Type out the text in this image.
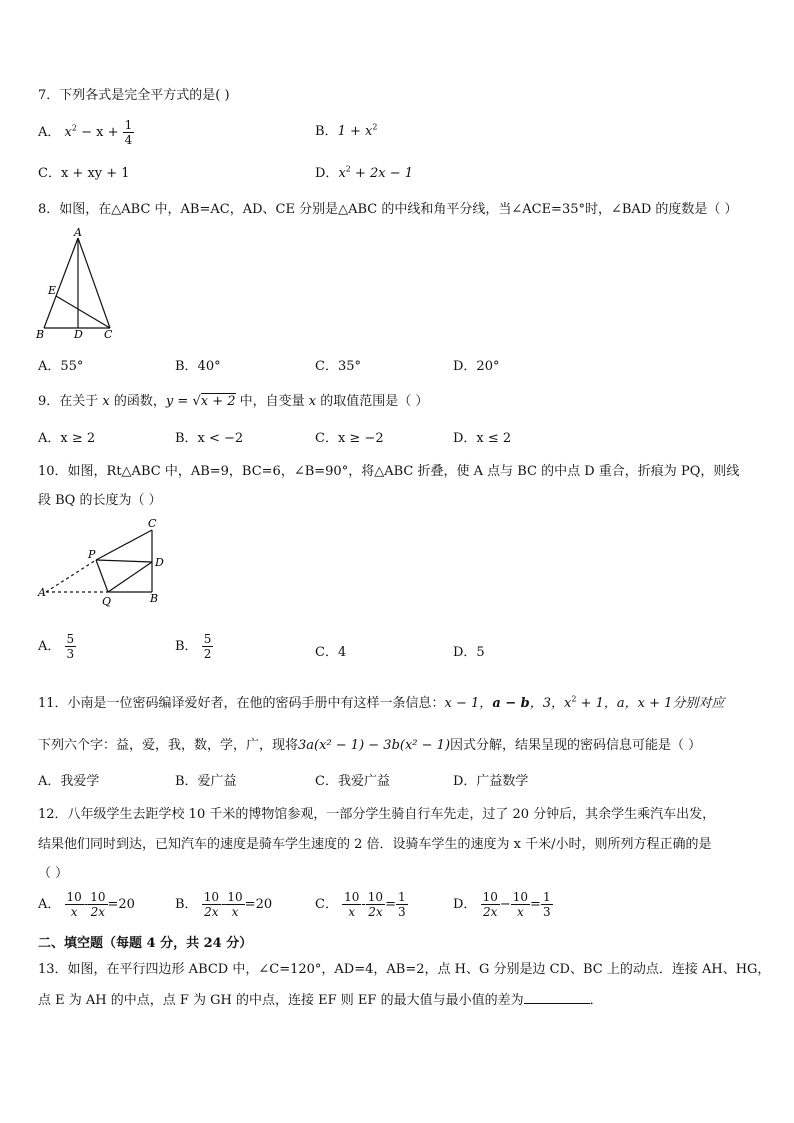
7．下列各式是完全平方式的是( )
A． $x^2 - x + \frac{1}{4}$	B．$1 + x^2$
C．x + xy + 1	D．$x^2 + 2x - 1$
8．如图，在△ABC 中，AB=AC，AD、CE 分别是△ABC 的中线和角平分线，当∠ACE=35°时，∠BAD 的度数是（ ）
A
B	C
D
E
A．55°	B．40°	C．35°	D．20°
9．在关于 x 的函数，y = √x + 2 中，自变量 x 的取值范围是（ ）
A．x ≥ 2	B．x < −2	C．x ≥ −2	D．x ≤ 2
10．如图，Rt△ABC 中，AB=9，BC=6，∠B=90°，将△ABC 折叠，使 A 点与 BC 的中点 D 重合，折痕为 PQ，则线
段 BQ 的长度为（ ）
C
P
D
A
Q	B
A． $\frac{5}{3}$	B． $\frac{5}{2}$	C．4	D．5
11．小南是一位密码编译爱好者，在他的密码手册中有这样一条信息：x − 1，a − b，3，$x^2 + 1$，a，x + 1分别对应
下列六个字：益，爱，我，数，学，广，现将3a(x² − 1) − 3b(x² − 1)因式分解，结果呈现的密码信息可能是（ ）
A．我爱学	B．爱广益	C．我爱广益	D．广益数学
12．八年级学生去距学校 10 千米的博物馆参观，一部分学生骑自行车先走，过了 20 分钟后，其余学生乘汽车出发，
结果他们同时到达，已知汽车的速度是骑车学生速度的 2 倍．设骑车学生的速度为 x 千米/小时，则所列方程正确的是
（ ）
A． $\frac{10}{x} - \frac{10}{2x} =20$	B． $\frac{10}{2x} - \frac{10}{x} =20$	C． $\frac{10}{x} - \frac{10}{2x} = \frac{1}{3}$	D． $\frac{10}{2x} - \frac{10}{x} = \frac{1}{3}$
二、填空题（每题 4 分，共 24 分）
13．如图，在平行四边形 ABCD 中，∠C=120°，AD=4，AB=2，点 H、G 分别是边 CD、BC 上的动点．连接 AH、HG，
点 E 为 AH 的中点，点 F 为 GH 的中点，连接 EF 则 EF 的最大值与最小值的差为	．
